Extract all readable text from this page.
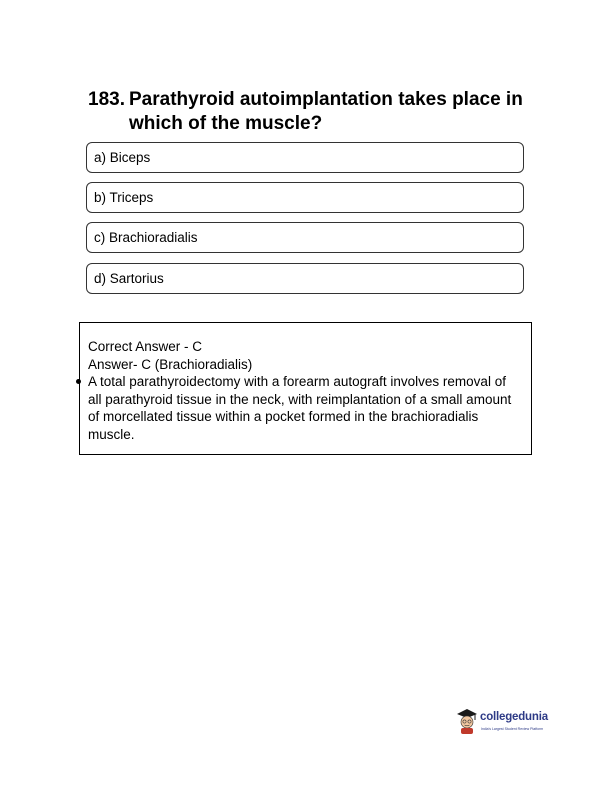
183. Parathyroid autoimplantation takes place in which of the muscle?
a) Biceps
b) Triceps
c) Brachioradialis
d) Sartorius

Correct Answer - C

Answer- C (Brachioradialis)

A total parathyroidectomy with a forearm autograft involves removal of all parathyroid tissue in the neck, with reimplantation of a small amount of morcellated tissue within a pocket formed in the brachioradialis muscle.

collegedunia
India's Largest Student Review Platform
